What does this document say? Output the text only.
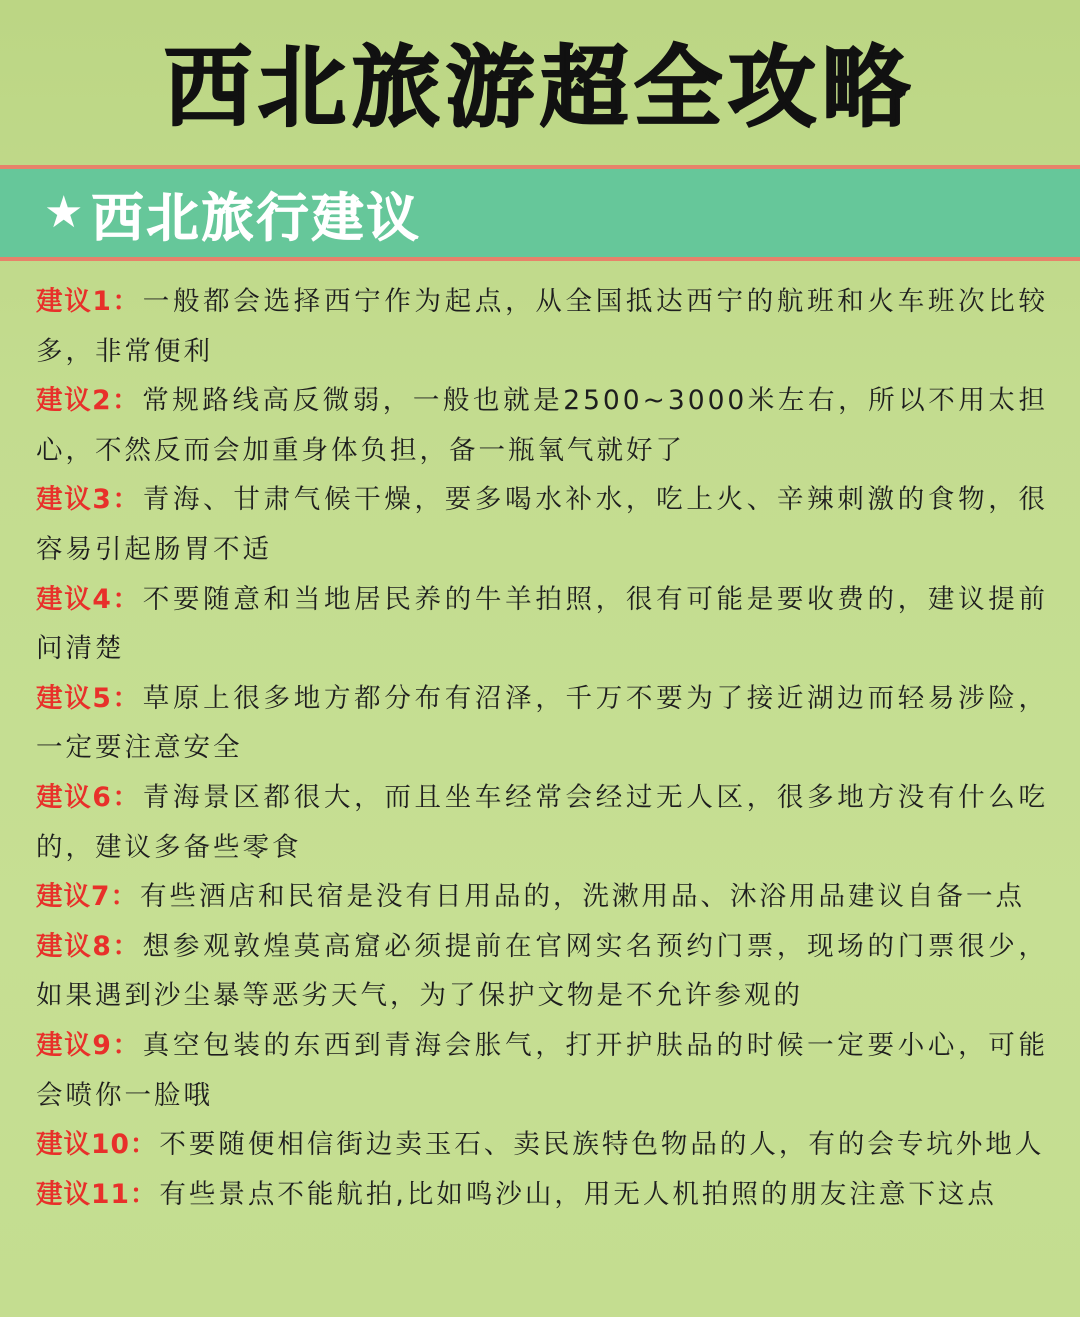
西北旅游超全攻略
★ 西北旅行建议
建议1：一般都会选择西宁作为起点，从全国抵达西宁的航班和火车班次比较多，非常便利
建议2：常规路线高反微弱，一般也就是2500~3000米左右，所以不用太担心，不然反而会加重身体负担，备一瓶氧气就好了
建议3：青海、甘肃气候干燥，要多喝水补水，吃上火、辛辣刺激的食物，很容易引起肠胃不适
建议4：不要随意和当地居民养的牛羊拍照，很有可能是要收费的，建议提前问清楚
建议5：草原上很多地方都分布有沼泽，千万不要为了接近湖边而轻易涉险，一定要注意安全
建议6：青海景区都很大，而且坐车经常会经过无人区，很多地方没有什么吃的，建议多备些零食
建议7：有些酒店和民宿是没有日用品的，洗漱用品、沐浴用品建议自备一点
建议8：想参观敦煌莫高窟必须提前在官网实名预约门票，现场的门票很少，如果遇到沙尘暴等恶劣天气，为了保护文物是不允许参观的
建议9：真空包装的东西到青海会胀气，打开护肤品的时候一定要小心，可能会喷你一脸哦
建议10：不要随便相信街边卖玉石、卖民族特色物品的人，有的会专坑外地人
建议11：有些景点不能航拍,比如鸣沙山，用无人机拍照的朋友注意下这点
